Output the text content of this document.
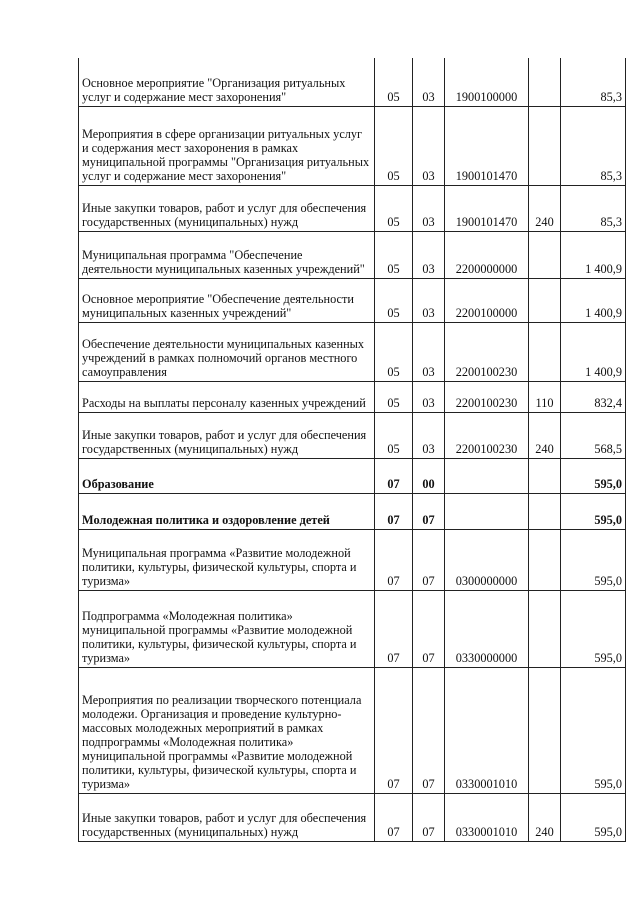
Основное мероприятие "Организация ритуальных услуг и содержание мест захоронения"	05	03	1900100000		85,3
Мероприятия в сфере организации ритуальных услуг и содержания мест захоронения в рамках муниципальной программы "Организация ритуальных услуг и содержание мест захоронения"	05	03	1900101470		85,3
Иные закупки товаров, работ и услуг для обеспечения государственных (муниципальных) нужд	05	03	1900101470	240	85,3
Муниципальная программа "Обеспечение деятельности муниципальных казенных учреждений"	05	03	2200000000		1 400,9
Основное мероприятие "Обеспечение деятельности муниципальных казенных учреждений"	05	03	2200100000		1 400,9
Обеспечение деятельности муниципальных казенных учреждений в рамках полномочий органов местного самоуправления	05	03	2200100230		1 400,9
Расходы на выплаты персоналу казенных учреждений	05	03	2200100230	110	832,4
Иные закупки товаров, работ и услуг для обеспечения государственных (муниципальных) нужд	05	03	2200100230	240	568,5
Образование	07	00			595,0
Молодежная политика и оздоровление детей	07	07			595,0
Муниципальная программа «Развитие молодежной политики, культуры, физической культуры, спорта и туризма»	07	07	0300000000		595,0
Подпрограмма «Молодежная политика» муниципальной программы «Развитие молодежной политики, культуры, физической культуры, спорта и туризма»	07	07	0330000000		595,0
Мероприятия по реализации творческого потенциала молодежи. Организация и проведение культурно-массовых молодежных мероприятий в рамках подпрограммы «Молодежная политика» муниципальной программы «Развитие молодежной политики, культуры, физической культуры, спорта и туризма»	07	07	0330001010		595,0
Иные закупки товаров, работ и услуг для обеспечения государственных (муниципальных) нужд	07	07	0330001010	240	595,0
